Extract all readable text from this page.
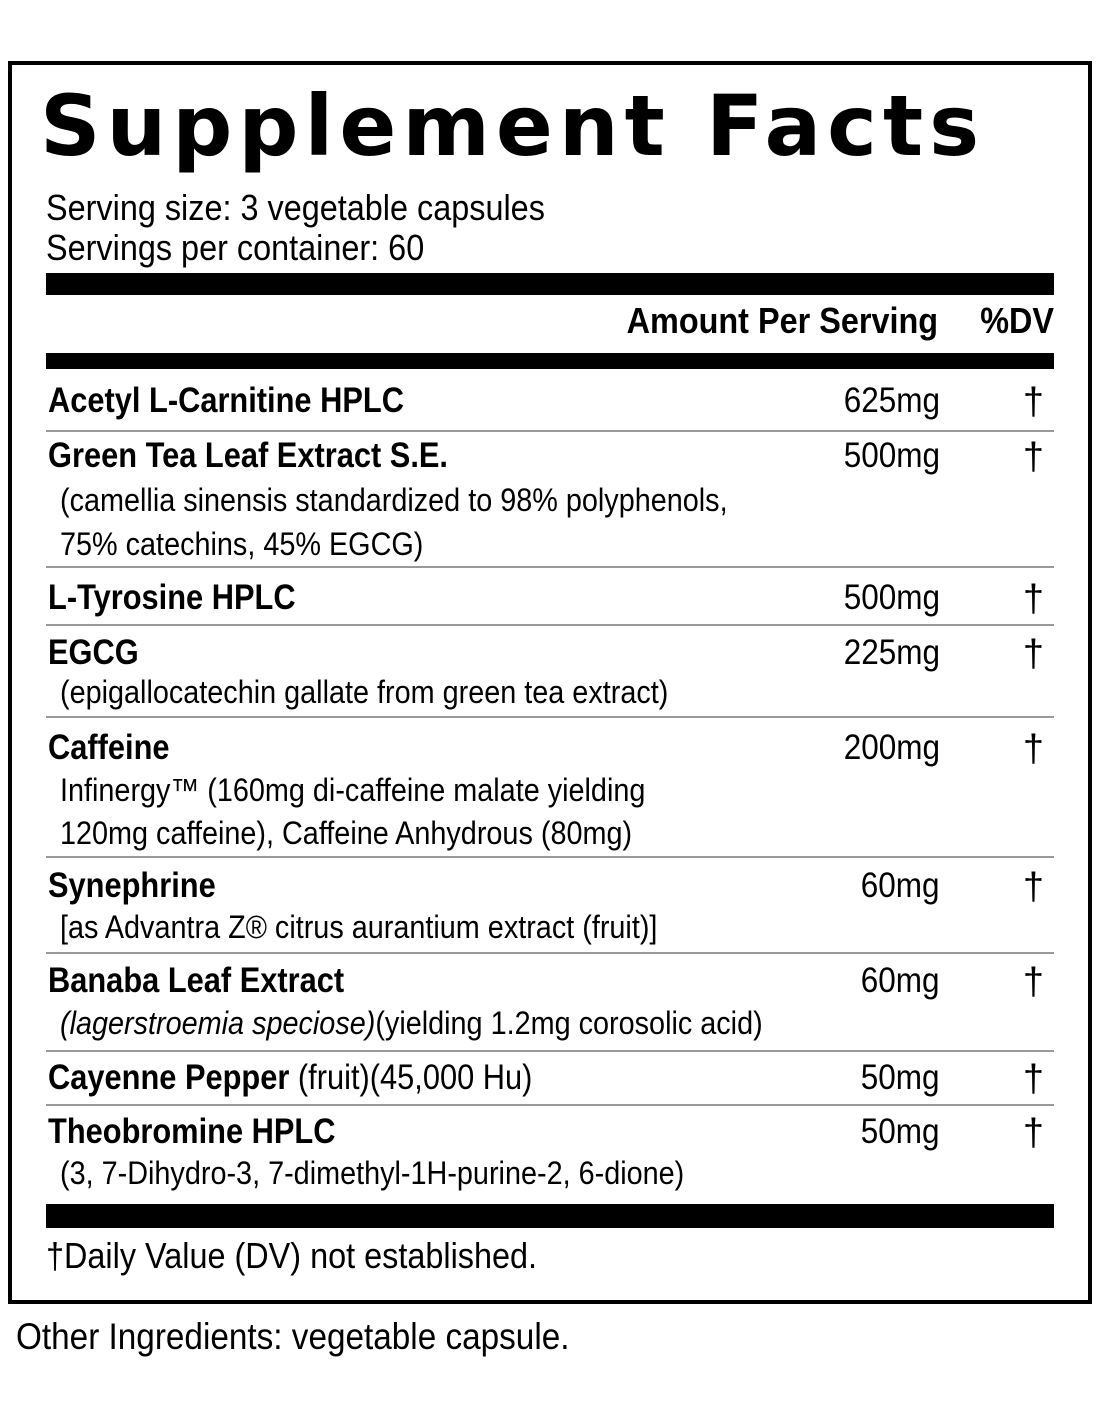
Supplement Facts
Serving size: 3 vegetable capsules
Servings per container: 60
Amount Per Serving %DV
Acetyl L-Carnitine HPLC	625mg †
Green Tea Leaf Extract S.E.	500mg †
(camellia sinensis standardized to 98% polyphenols,
75% catechins, 45% EGCG)
L-Tyrosine HPLC	500mg †
EGCG	225mg †
(epigallocatechin gallate from green tea extract)
Caffeine	200mg †
Infinergy™ (160mg di-caffeine malate yielding
120mg caffeine), Caffeine Anhydrous (80mg)
Synephrine	60mg †
[as Advantra Z® citrus aurantium extract (fruit)]
Banaba Leaf Extract	60mg †
(lagerstroemia speciose)(yielding 1.2mg corosolic acid)
Cayenne Pepper (fruit)(45,000 Hu)	50mg †
Theobromine HPLC	50mg †
(3, 7-Dihydro-3, 7-dimethyl-1H-purine-2, 6-dione)
†Daily Value (DV) not established.
Other Ingredients: vegetable capsule.
